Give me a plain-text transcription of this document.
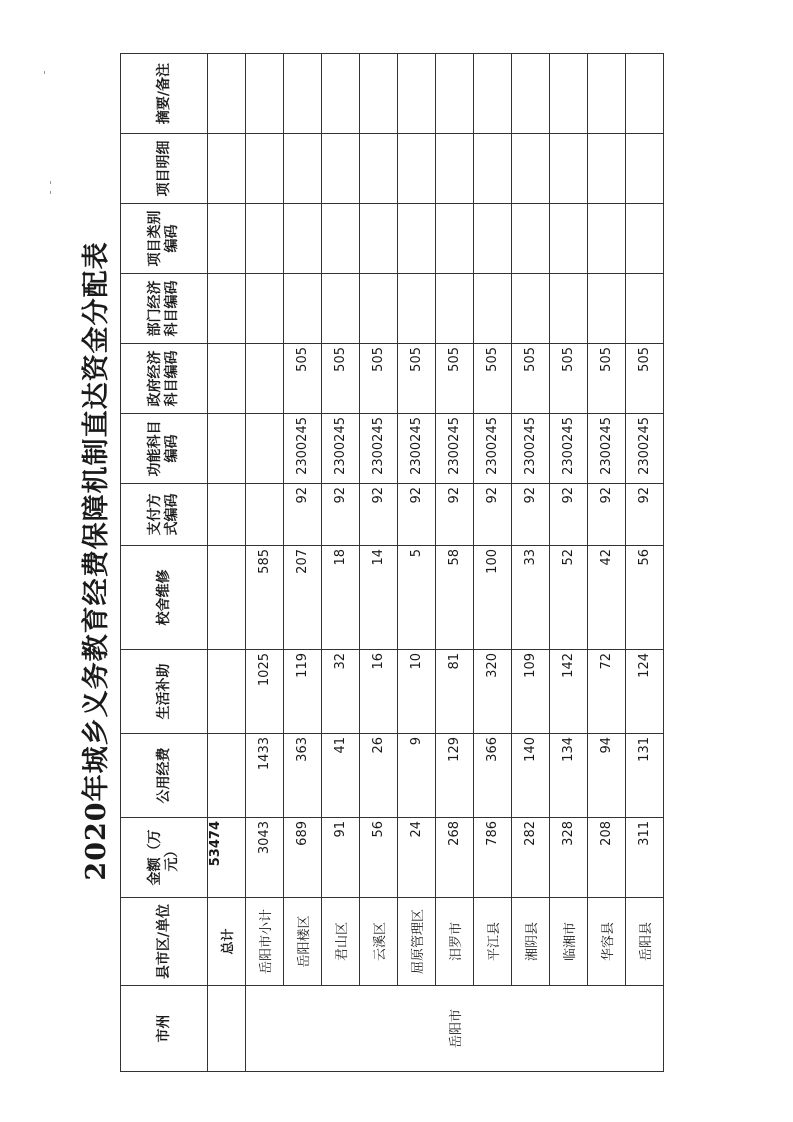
2020年城乡义务教育经费保障机制直达资金分配表
市州	县市区/单位	金额（万元）	公用经费	生活补助	校舍维修	支付方式编码	功能科目编码	政府经济科目编码	部门经济科目编码	项目类别编码	项目明细	摘要/备注
	总计	53474										
岳阳市	岳阳市小计	3043	1433	1025	585							
	岳阳楼区	689	363	119	207	92	2300245	505				
	君山区	91	41	32	18	92	2300245	505				
	云溪区	56	26	16	14	92	2300245	505				
	屈原管理区	24	9	10	5	92	2300245	505				
	汨罗市	268	129	81	58	92	2300245	505				
	平江县	786	366	320	100	92	2300245	505				
	湘阴县	282	140	109	33	92	2300245	505				
	临湘市	328	134	142	52	92	2300245	505				
	华容县	208	94	72	42	92	2300245	505				
	岳阳县	311	131	124	56	92	2300245	505				
